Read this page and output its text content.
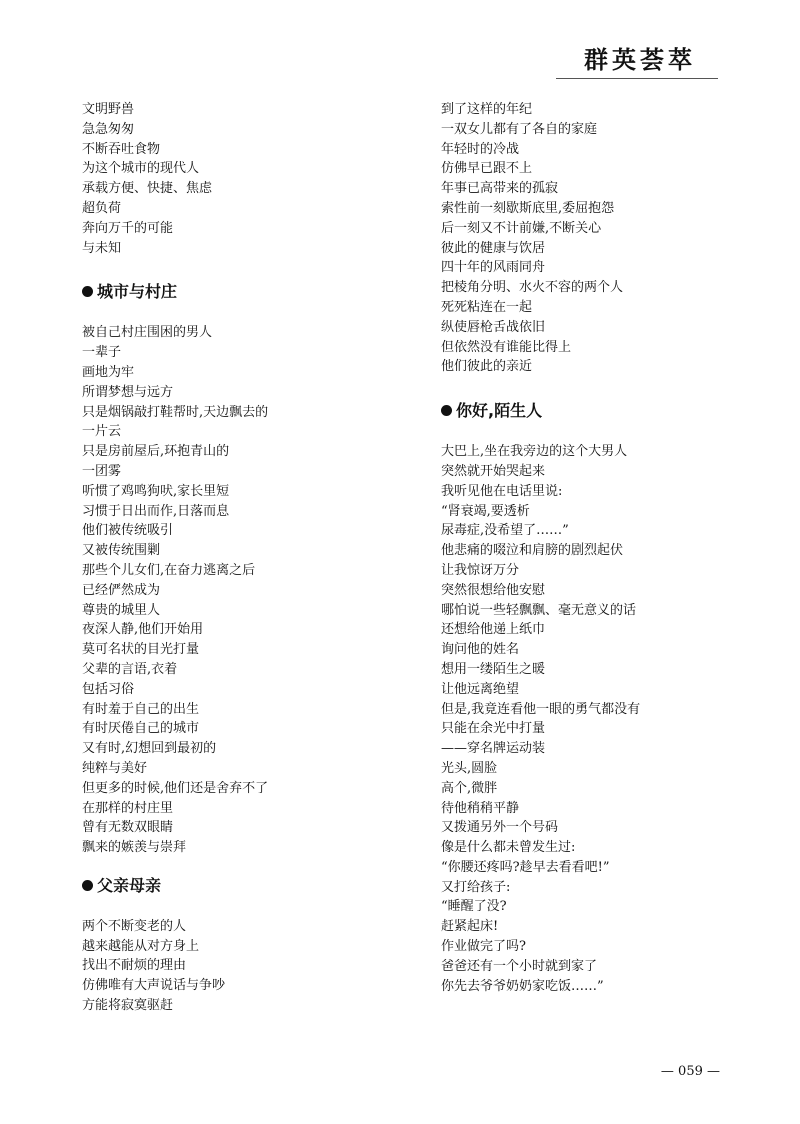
群英荟萃
文明野兽
急急匆匆
不断吞吐食物
为这个城市的现代人
承载方便、快捷、焦虑
超负荷
奔向万千的可能
与未知
城市与村庄
被自己村庄围困的男人
一辈子
画地为牢
所谓梦想与远方
只是烟锅敲打鞋帮时,天边飘去的
一片云
只是房前屋后,环抱青山的
一团雾
听惯了鸡鸣狗吠,家长里短
习惯于日出而作,日落而息
他们被传统吸引
又被传统围剿
那些个儿女们,在奋力逃离之后
已经俨然成为
尊贵的城里人
夜深人静,他们开始用
莫可名状的目光打量
父辈的言语,衣着
包括习俗
有时羞于自己的出生
有时厌倦自己的城市
又有时,幻想回到最初的
纯粹与美好
但更多的时候,他们还是舍弃不了
在那样的村庄里
曾有无数双眼睛
飘来的嫉羡与崇拜
父亲母亲
两个不断变老的人
越来越能从对方身上
找出不耐烦的理由
仿佛唯有大声说话与争吵
方能将寂寞驱赶
到了这样的年纪
一双女儿都有了各自的家庭
年轻时的冷战
仿佛早已跟不上
年事已高带来的孤寂
索性前一刻歇斯底里,委屈抱怨
后一刻又不计前嫌,不断关心
彼此的健康与饮居
四十年的风雨同舟
把棱角分明、水火不容的两个人
死死粘连在一起
纵使唇枪舌战依旧
但依然没有谁能比得上
他们彼此的亲近
你好,陌生人
大巴上,坐在我旁边的这个大男人
突然就开始哭起来
我听见他在电话里说:
“肾衰竭,要透析
尿毒症,没希望了……”
他悲痛的啜泣和肩膀的剧烈起伏
让我惊讶万分
突然很想给他安慰
哪怕说一些轻飘飘、毫无意义的话
还想给他递上纸巾
询问他的姓名
想用一缕陌生之暖
让他远离绝望
但是,我竟连看他一眼的勇气都没有
只能在余光中打量
——穿名牌运动装
光头,圆脸
高个,微胖
待他稍稍平静
又拨通另外一个号码
像是什么都未曾发生过:
“你腰还疼吗?趁早去看看吧!”
又打给孩子:
“睡醒了没?
赶紧起床!
作业做完了吗?
爸爸还有一个小时就到家了
你先去爷爷奶奶家吃饭……”
— 059 —
